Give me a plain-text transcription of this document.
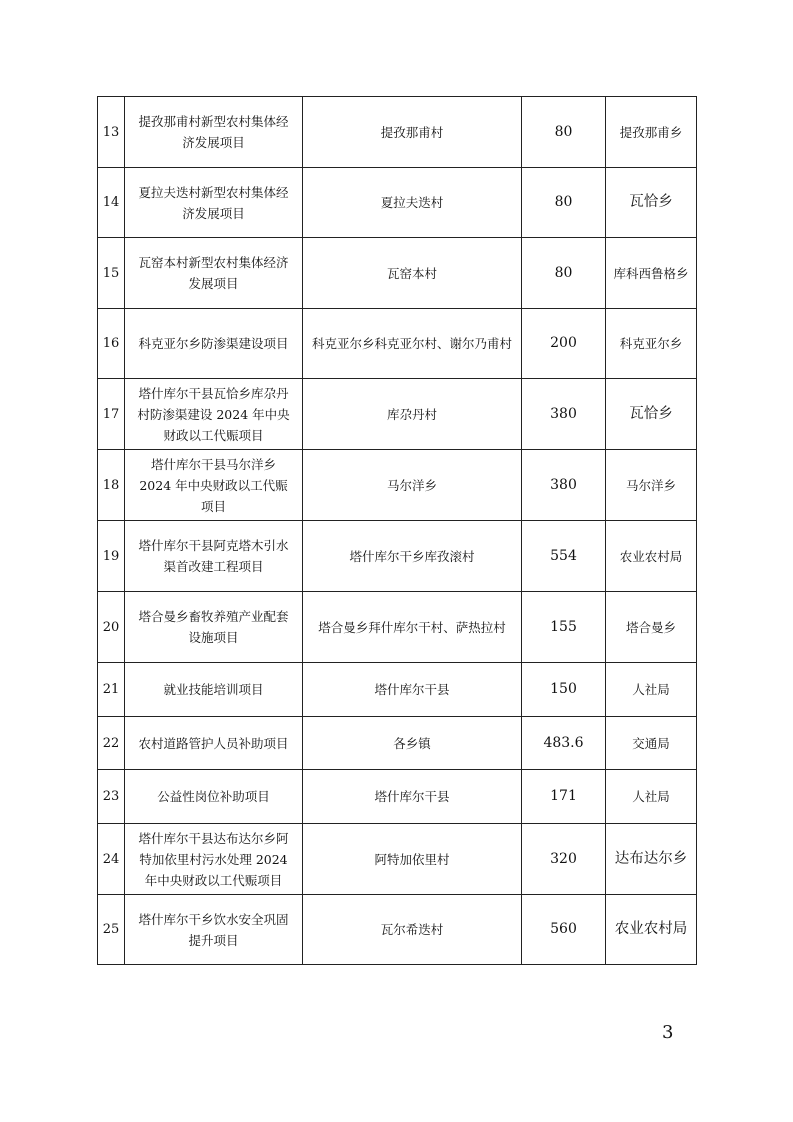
13	提孜那甫村新型农村集体经济发展项目	提孜那甫村	80	提孜那甫乡
14	夏拉夫迭村新型农村集体经济发展项目	夏拉夫迭村	80	瓦恰乡
15	瓦窑本村新型农村集体经济发展项目	瓦窑本村	80	库科西鲁格乡
16	科克亚尔乡防渗渠建设项目	科克亚尔乡科克亚尔村、谢尔乃甫村	200	科克亚尔乡
17	塔什库尔干县瓦恰乡库尕丹村防渗渠建设 2024 年中央财政以工代赈项目	库尕丹村	380	瓦恰乡
18	塔什库尔干县马尔洋乡 2024 年中央财政以工代赈项目	马尔洋乡	380	马尔洋乡
19	塔什库尔干县阿克塔木引水渠首改建工程项目	塔什库尔干乡库孜滚村	554	农业农村局
20	塔合曼乡畜牧养殖产业配套设施项目	塔合曼乡拜什库尔干村、萨热拉村	155	塔合曼乡
21	就业技能培训项目	塔什库尔干县	150	人社局
22	农村道路管护人员补助项目	各乡镇	483.6	交通局
23	公益性岗位补助项目	塔什库尔干县	171	人社局
24	塔什库尔干县达布达尔乡阿特加依里村污水处理 2024 年中央财政以工代赈项目	阿特加依里村	320	达布达尔乡
25	塔什库尔干乡饮水安全巩固提升项目	瓦尔希迭村	560	农业农村局
3
